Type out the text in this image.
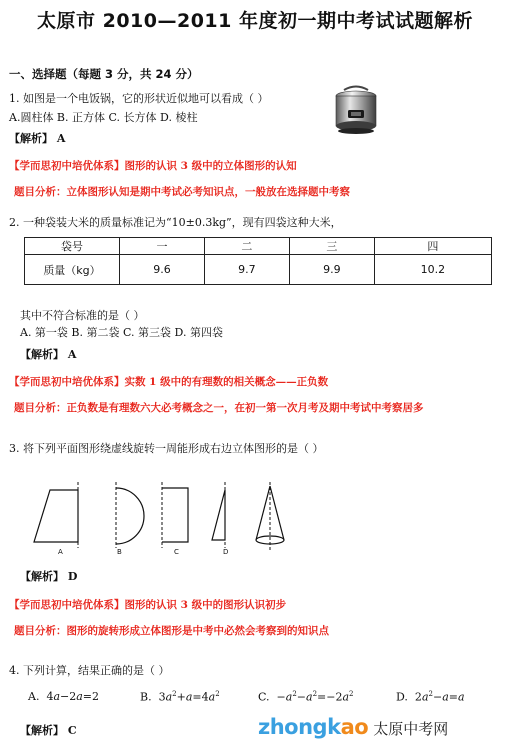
太原市 2010—2011 年度初一期中考试试题解析
一、选择题（每题 3 分，共 24 分）
1. 如图是一个电饭锅，它的形状近似地可以看成（ ）
A.圆柱体 B. 正方体 C. 长方体 D. 棱柱
【解析】 A
【学而思初中培优体系】图形的认识 3 级中的立体图形的认知
题目分析：立体图形认知是期中考试必考知识点，一般放在选择题中考察
2. 一种袋装大米的质量标准记为“10±0.3kg”，现有四袋这种大米，
袋号	一	二	三	四
质量（kg）	9.6	9.7	9.9	10.2
其中不符合标准的是（ ）
A. 第一袋 B. 第二袋 C. 第三袋 D. 第四袋
【解析】 A
【学而思初中培优体系】实数 1 级中的有理数的相关概念——正负数
题目分析：正负数是有理数六大必考概念之一，在初一第一次月考及期中考试中考察居多
3. 将下列平面图形绕虚线旋转一周能形成右边立体图形的是（ ）
A	B	C	D
【解析】 D
【学而思初中培优体系】图形的认识 3 级中的图形认识初步
题目分析：图形的旋转形成立体图形是中考中必然会考察到的知识点
4. 下列计算，结果正确的是（ ）
A.  4a−2a=2	B.  $3a^2+a=4a^2$	C.  $-a^2-a^2=-2a^2$	D.  $2a^2-a=a$
【解析】 C	zhongkao 太原中考网
